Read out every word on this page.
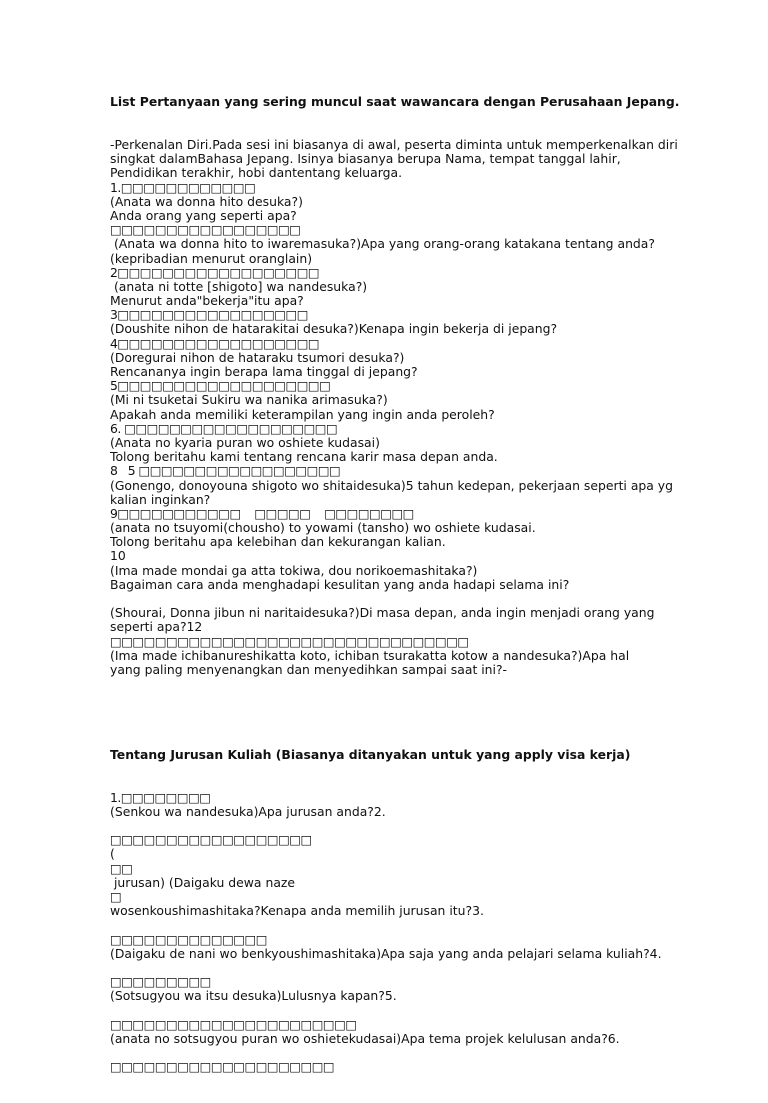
List Pertanyaan yang sering muncul saat wawancara dengan Perusahaan Jepang.

-Perkenalan Diri.Pada sesi ini biasanya di awal, peserta diminta untuk memperkenalkan diri
singkat dalamBahasa Jepang. Isinya biasanya berupa Nama, tempat tanggal lahir,
Pendidikan terakhir, hobi dantentang keluarga.
1.□□□□□□□□□□□□
(Anata wa donna hito desuka?)
Anda orang yang seperti apa?
□□□□□□□□□□□□□□□□□
(Anata wa donna hito to iwaremasuka?)Apa yang orang-orang katakana tentang anda?
(kepribadian menurut oranglain)
2□□□□□□□□□□□□□□□□□□
(anata ni totte [shigoto] wa nandesuka?)
Menurut anda"bekerja"itu apa?
3□□□□□□□□□□□□□□□□□
(Doushite nihon de hatarakitai desuka?)Kenapa ingin bekerja di jepang?
4□□□□□□□□□□□□□□□□□□
(Doregurai nihon de hataraku tsumori desuka?)
Rencananya ingin berapa lama tinggal di jepang?
5□□□□□□□□□□□□□□□□□□□
(Mi ni tsuketai Sukiru wa nanika arimasuka?)
Apakah anda memiliki keterampilan yang ingin anda peroleh?
6. □□□□□□□□□□□□□□□□□□□
(Anata no kyaria puran wo oshiete kudasai)
Tolong beritahu kami tentang rencana karir masa depan anda.
8   5 □□□□□□□□□□□□□□□□□□
(Gonengo, donoyouna shigoto wo shitaidesuka)5 tahun kedepan, pekerjaan seperti apa yg
kalian inginkan?
9□□□□□□□□□□□    □□□□□    □□□□□□□□
(anata no tsuyomi(chousho) to yowami (tansho) wo oshiete kudasai.
Tolong beritahu apa kelebihan dan kekurangan kalian.
10
(Ima made mondai ga atta tokiwa, dou norikoemashitaka?)
Bagaiman cara anda menghadapi kesulitan yang anda hadapi selama ini?
(Shourai, Donna jibun ni naritaidesuka?)Di masa depan, anda ingin menjadi orang yang
seperti apa?12
□□□□□□□□□□□□□□□□□□□□□□□□□□□□□□□□
(Ima made ichibanureshikatta koto, ichiban tsurakatta kotow a nandesuka?)Apa hal
yang paling menyenangkan dan menyedihkan sampai saat ini?-

Tentang Jurusan Kuliah (Biasanya ditanyakan untuk yang apply visa kerja)

1.□□□□□□□□
(Senkou wa nandesuka)Apa jurusan anda?2.
□□□□□□□□□□□□□□□□□□
(
□□
jurusan) (Daigaku dewa naze
□
wosenkoushimashitaka?Kenapa anda memilih jurusan itu?3.
□□□□□□□□□□□□□□
(Daigaku de nani wo benkyoushimashitaka)Apa saja yang anda pelajari selama kuliah?4.
□□□□□□□□□
(Sotsugyou wa itsu desuka)Lulusnya kapan?5.
□□□□□□□□□□□□□□□□□□□□□□
(anata no sotsugyou puran wo oshietekudasai)Apa tema projek kelulusan anda?6.
□□□□□□□□□□□□□□□□□□□□
